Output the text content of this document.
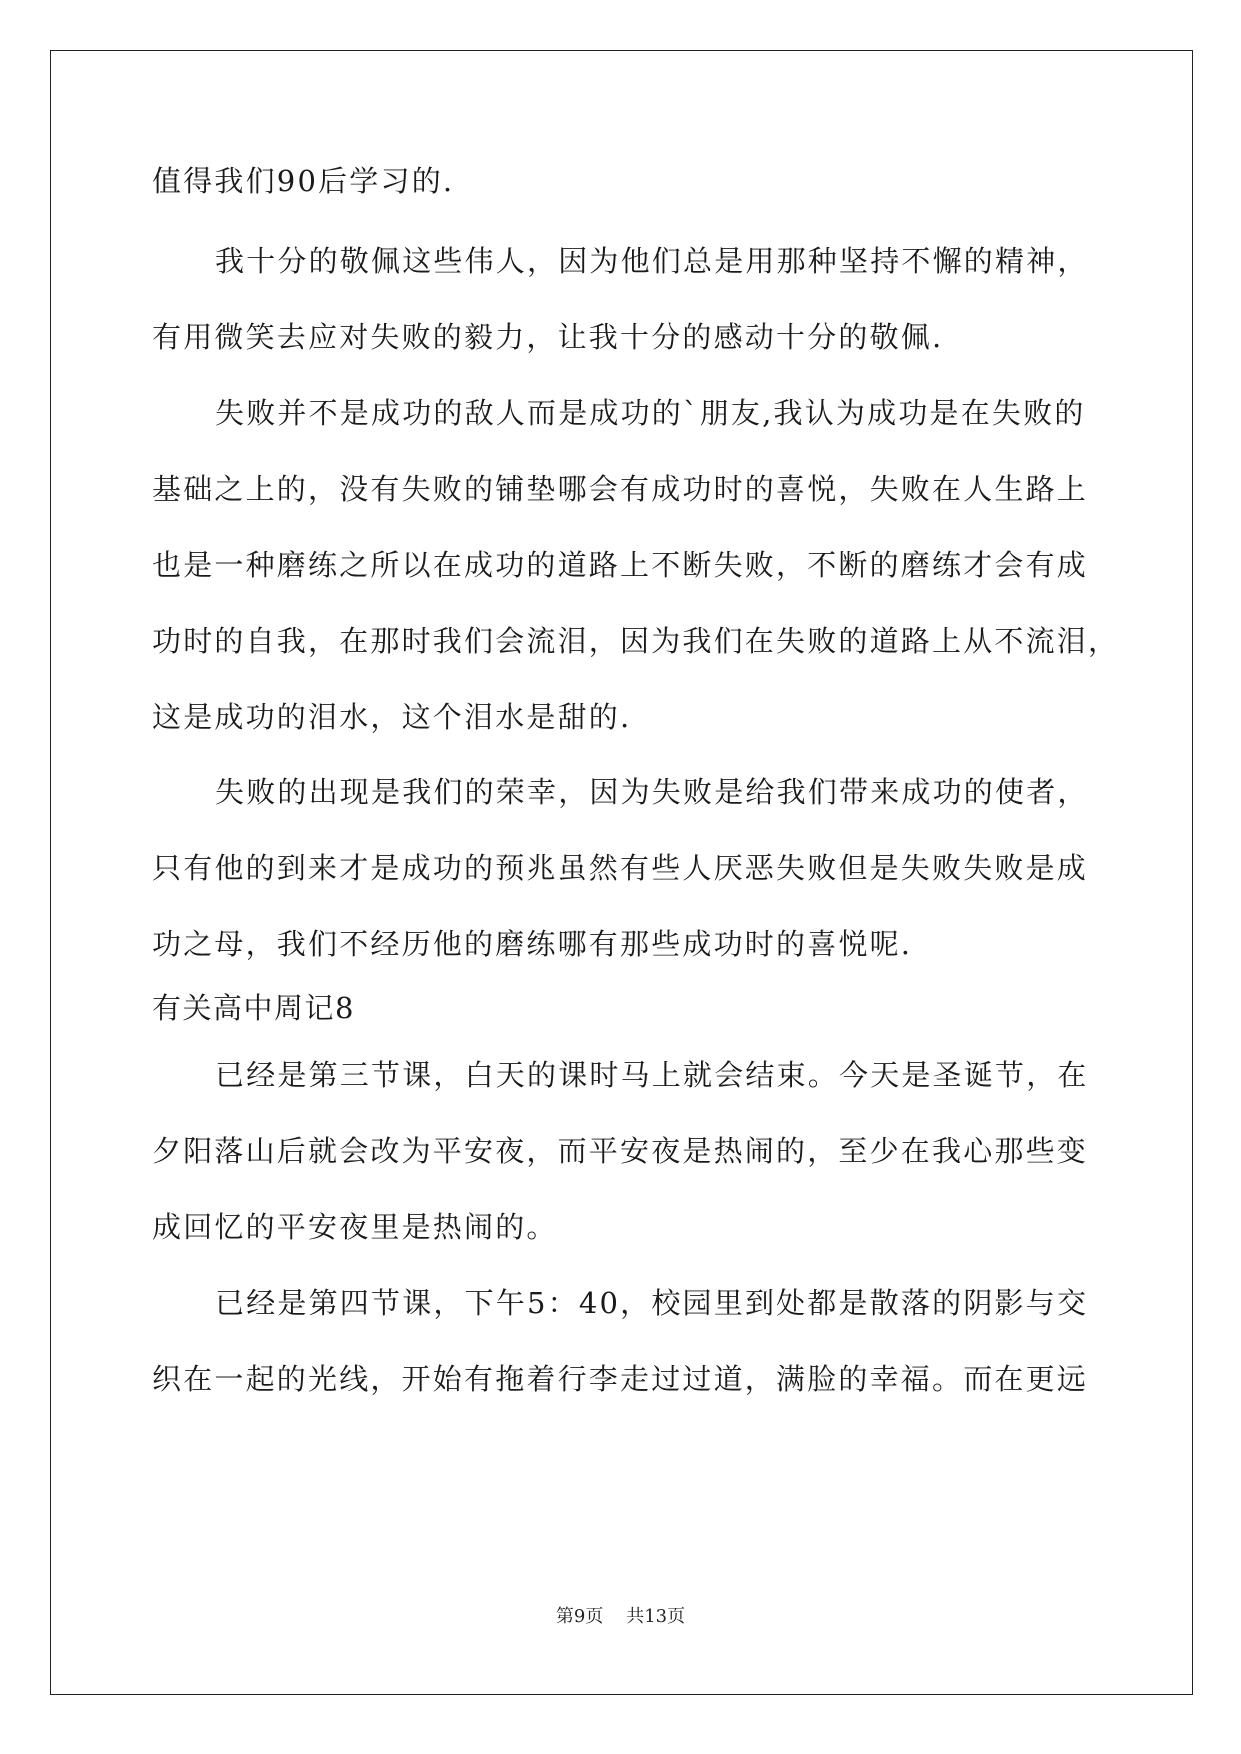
值得我们90后学习的.
我十分的敬佩这些伟人，因为他们总是用那种坚持不懈的精神，
有用微笑去应对失败的毅力，让我十分的感动十分的敬佩.
失败并不是成功的敌人而是成功的`朋友,我认为成功是在失败的
基础之上的，没有失败的铺垫哪会有成功时的喜悦，失败在人生路上
也是一种磨练之所以在成功的道路上不断失败，不断的磨练才会有成
功时的自我，在那时我们会流泪，因为我们在失败的道路上从不流泪，
这是成功的泪水，这个泪水是甜的.
失败的出现是我们的荣幸，因为失败是给我们带来成功的使者，
只有他的到来才是成功的预兆虽然有些人厌恶失败但是失败失败是成
功之母，我们不经历他的磨练哪有那些成功时的喜悦呢.
有关高中周记8
已经是第三节课，白天的课时马上就会结束。今天是圣诞节，在
夕阳落山后就会改为平安夜，而平安夜是热闹的，至少在我心那些变
成回忆的平安夜里是热闹的。
已经是第四节课，下午5：40，校园里到处都是散落的阴影与交
织在一起的光线，开始有拖着行李走过过道，满脸的幸福。而在更远
第9页    共13页
